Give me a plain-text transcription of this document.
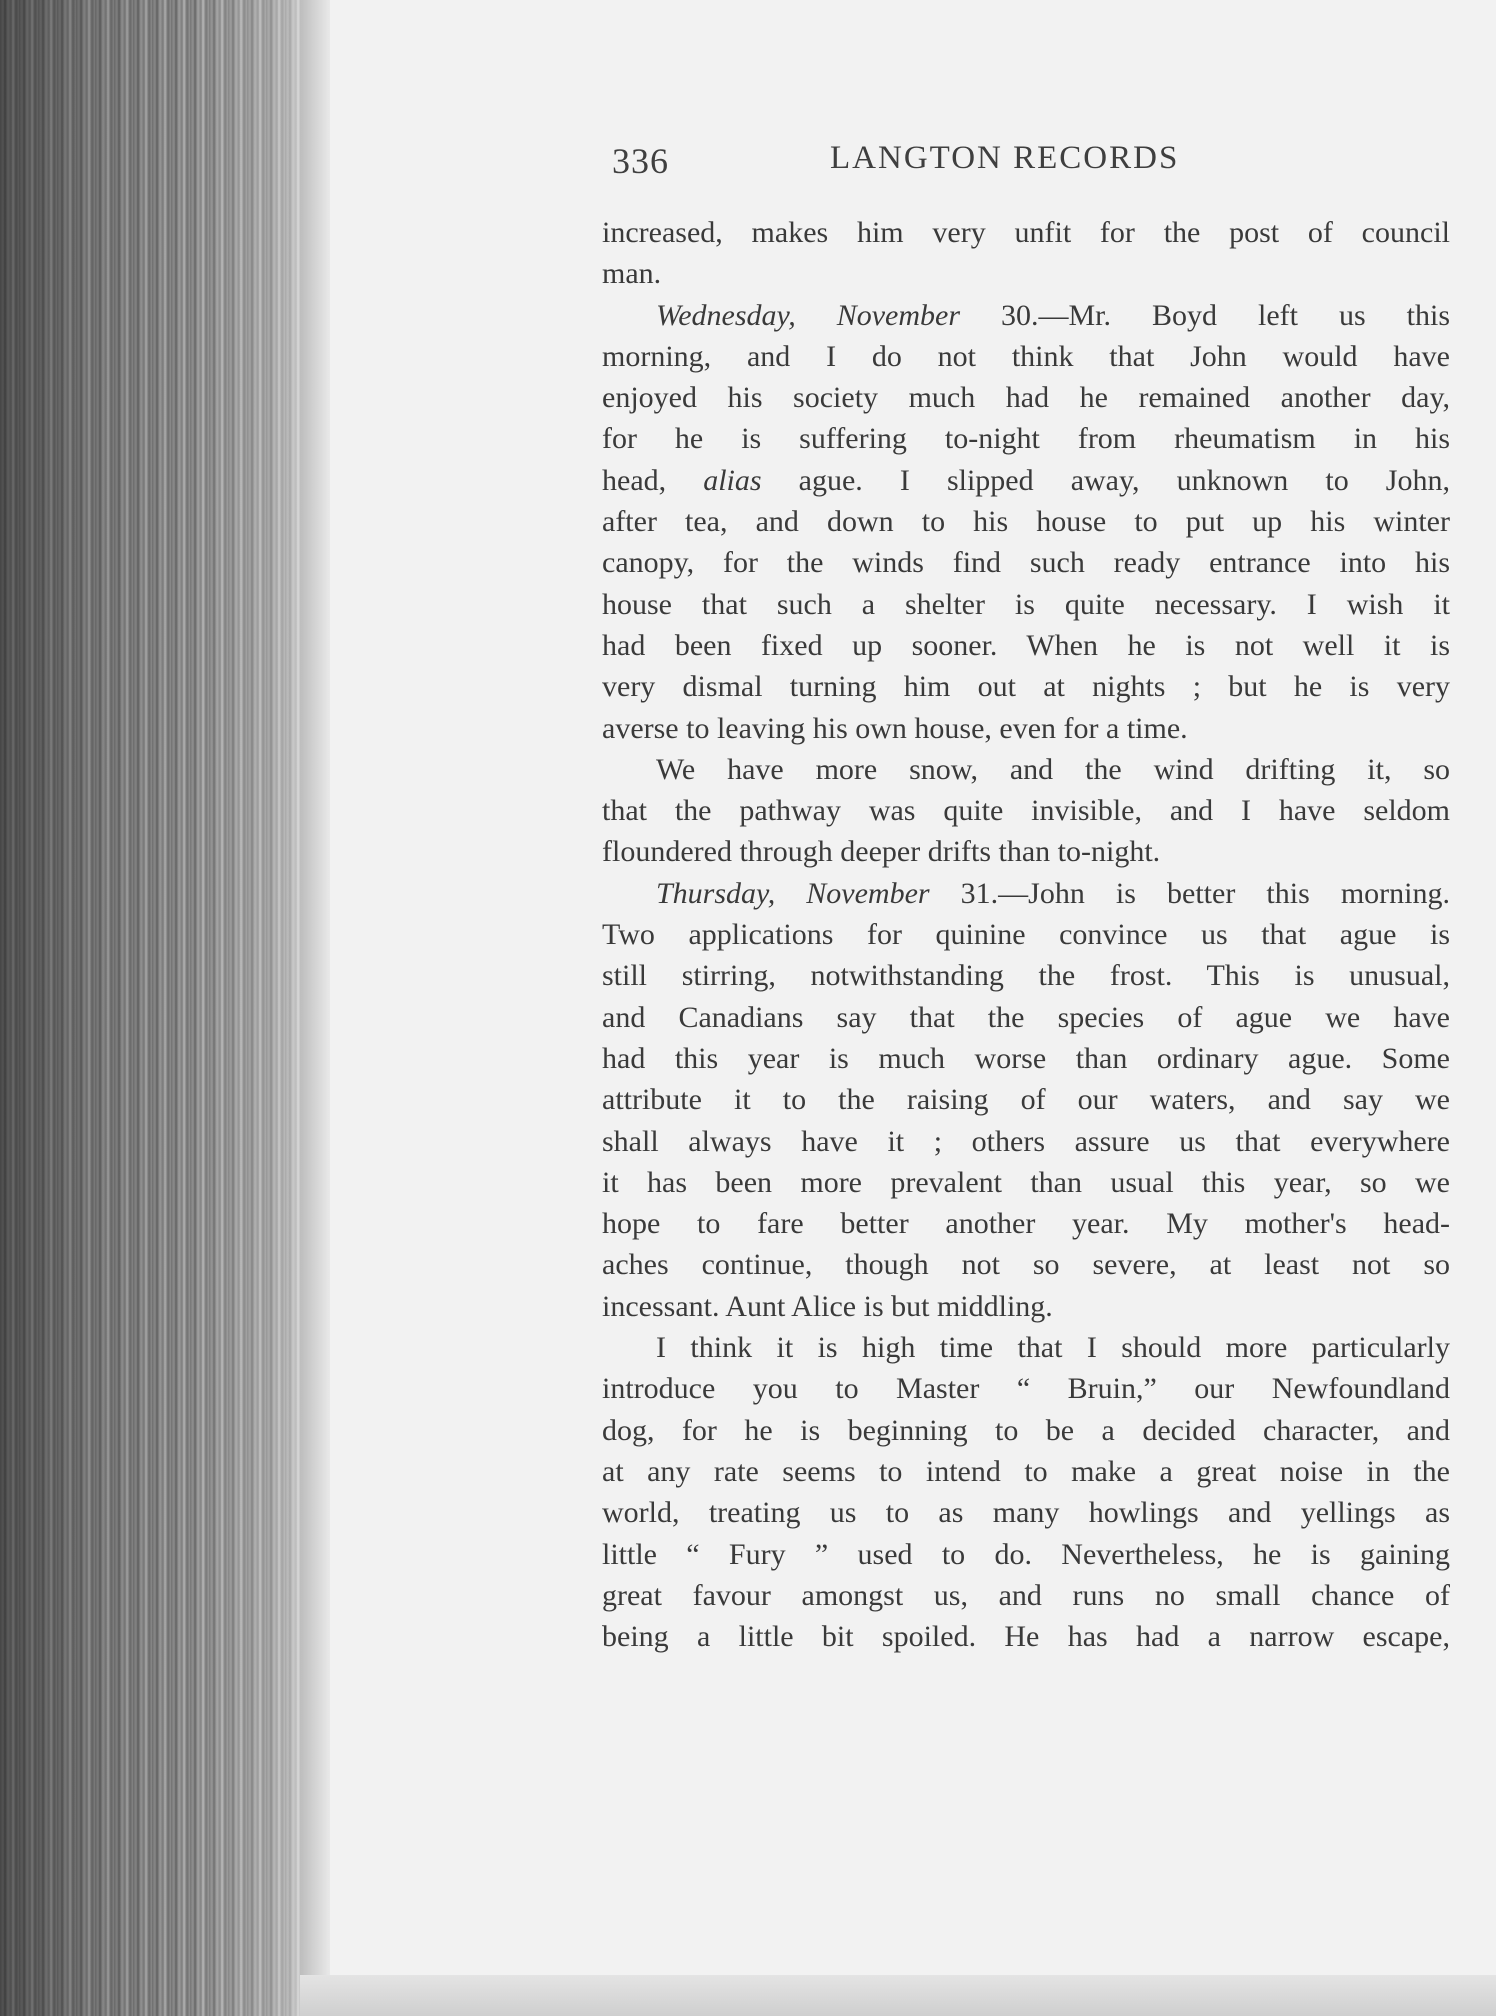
336	LANGTON RECORDS
increased, makes him very unfit for the post of council
man.
Wednesday, November 30.—Mr. Boyd left us this
morning, and I do not think that John would have
enjoyed his society much had he remained another day,
for he is suffering to-night from rheumatism in his
head, alias ague. I slipped away, unknown to John,
after tea, and down to his house to put up his winter
canopy, for the winds find such ready entrance into his
house that such a shelter is quite necessary. I wish it
had been fixed up sooner. When he is not well it is
very dismal turning him out at nights ; but he is very
averse to leaving his own house, even for a time.
We have more snow, and the wind drifting it, so
that the pathway was quite invisible, and I have seldom
floundered through deeper drifts than to-night.
Thursday, November 31.—John is better this morning.
Two applications for quinine convince us that ague is
still stirring, notwithstanding the frost. This is unusual,
and Canadians say that the species of ague we have
had this year is much worse than ordinary ague. Some
attribute it to the raising of our waters, and say we
shall always have it ; others assure us that everywhere
it has been more prevalent than usual this year, so we
hope to fare better another year. My mother's head-
aches continue, though not so severe, at least not so
incessant. Aunt Alice is but middling.
I think it is high time that I should more particularly
introduce you to Master “ Bruin,” our Newfoundland
dog, for he is beginning to be a decided character, and
at any rate seems to intend to make a great noise in the
world, treating us to as many howlings and yellings as
little “ Fury ” used to do. Nevertheless, he is gaining
great favour amongst us, and runs no small chance of
being a little bit spoiled. He has had a narrow escape,
